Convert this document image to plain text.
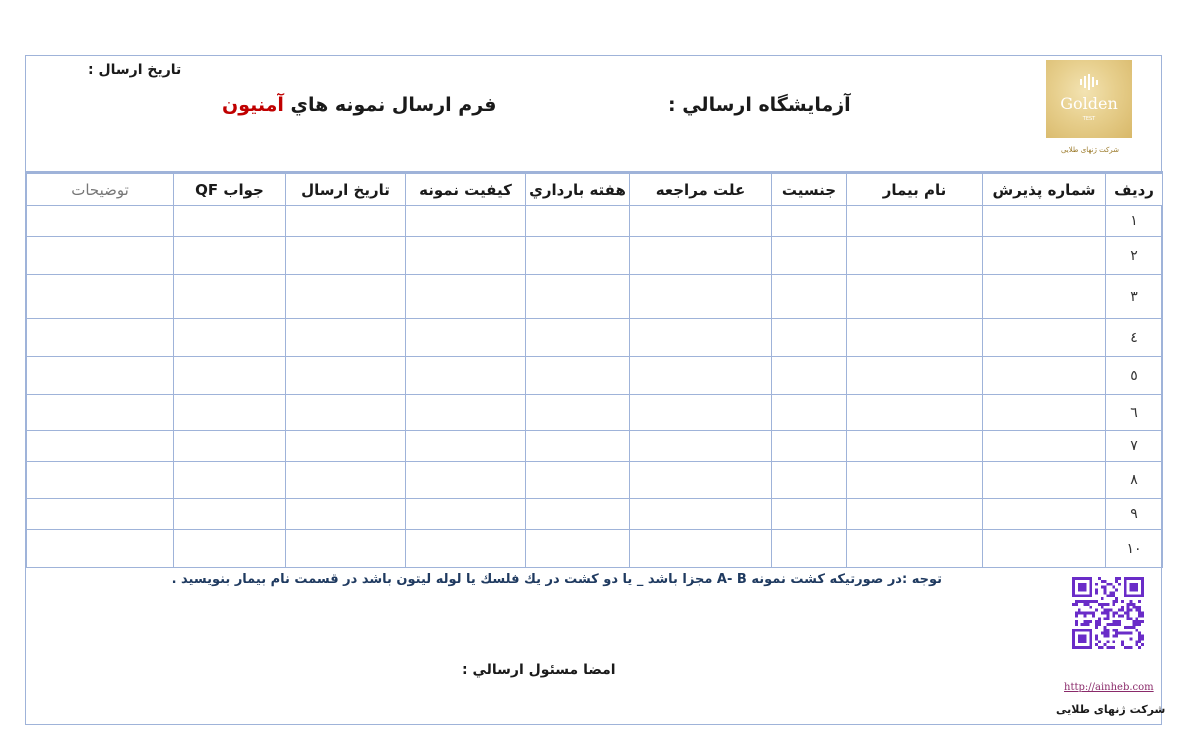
تاريخ ارسال :
آزمايشگاه ارسالي :
فرم ارسال نمونه هاي آمنيون	Golden
TEST
شرکت ژنهای طلایی
رديف	شماره پذيرش	نام بيمار	جنسيت	علت مراجعه	هفته بارداري	كيفيت نمونه	تاريخ ارسال	جواب QF	توضيحات
۱									
۲									
۳									
٤									
٥									
٦									
٧									
٨									
۹									
۱۰									
توجه :در صورتيكه كشت نمونه A- B مجزا باشد _ يا دو كشت در يك فلسك يا لوله ليتون باشد در قسمت نام بيمار بنويسيد .
امضا مسئول ارسالي :
http://ainheb.com
شرکت ژنهای طلایی
